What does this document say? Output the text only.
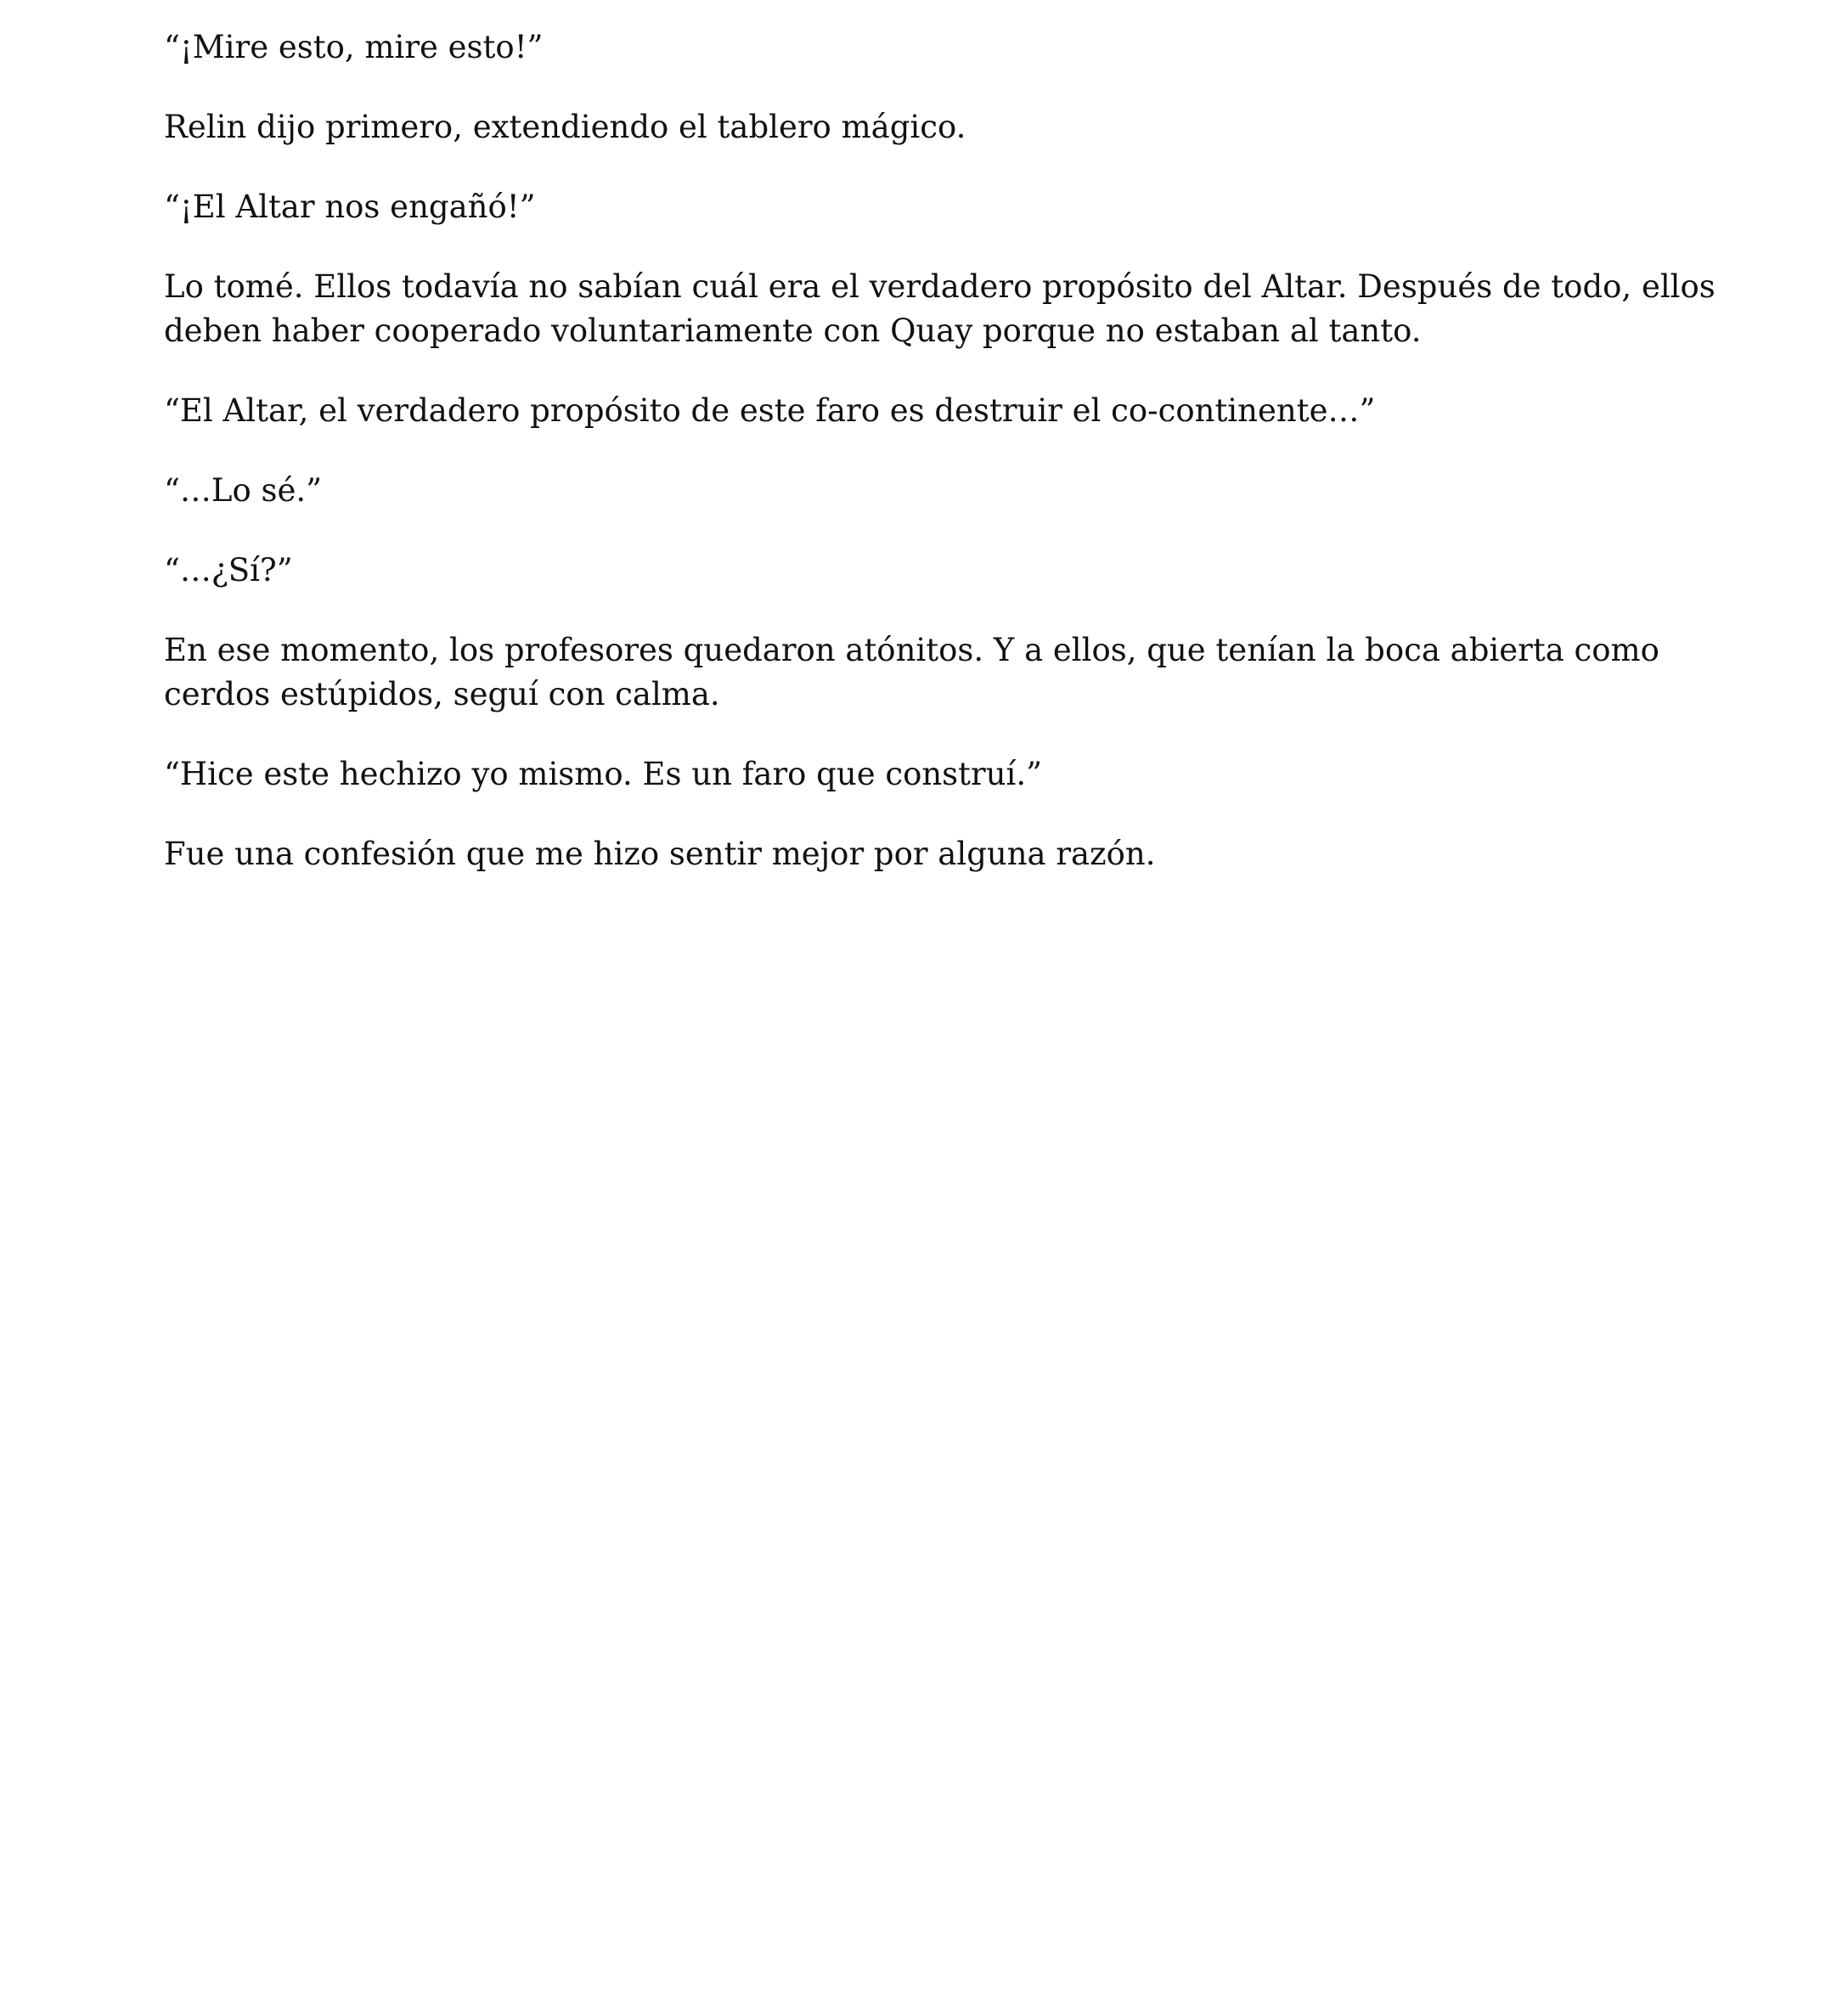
“¡Mire esto, mire esto!”

Relin dijo primero, extendiendo el tablero mágico.

“¡El Altar nos engañó!”

Lo tomé. Ellos todavía no sabían cuál era el verdadero propósito del Altar. Después de todo, ellos
deben haber cooperado voluntariamente con Quay porque no estaban al tanto.

“El Altar, el verdadero propósito de este faro es destruir el co-continente…”

“…Lo sé.”

“…¿Sí?”

En ese momento, los profesores quedaron atónitos. Y a ellos, que tenían la boca abierta como
cerdos estúpidos, seguí con calma.

“Hice este hechizo yo mismo. Es un faro que construí.”

Fue una confesión que me hizo sentir mejor por alguna razón.
